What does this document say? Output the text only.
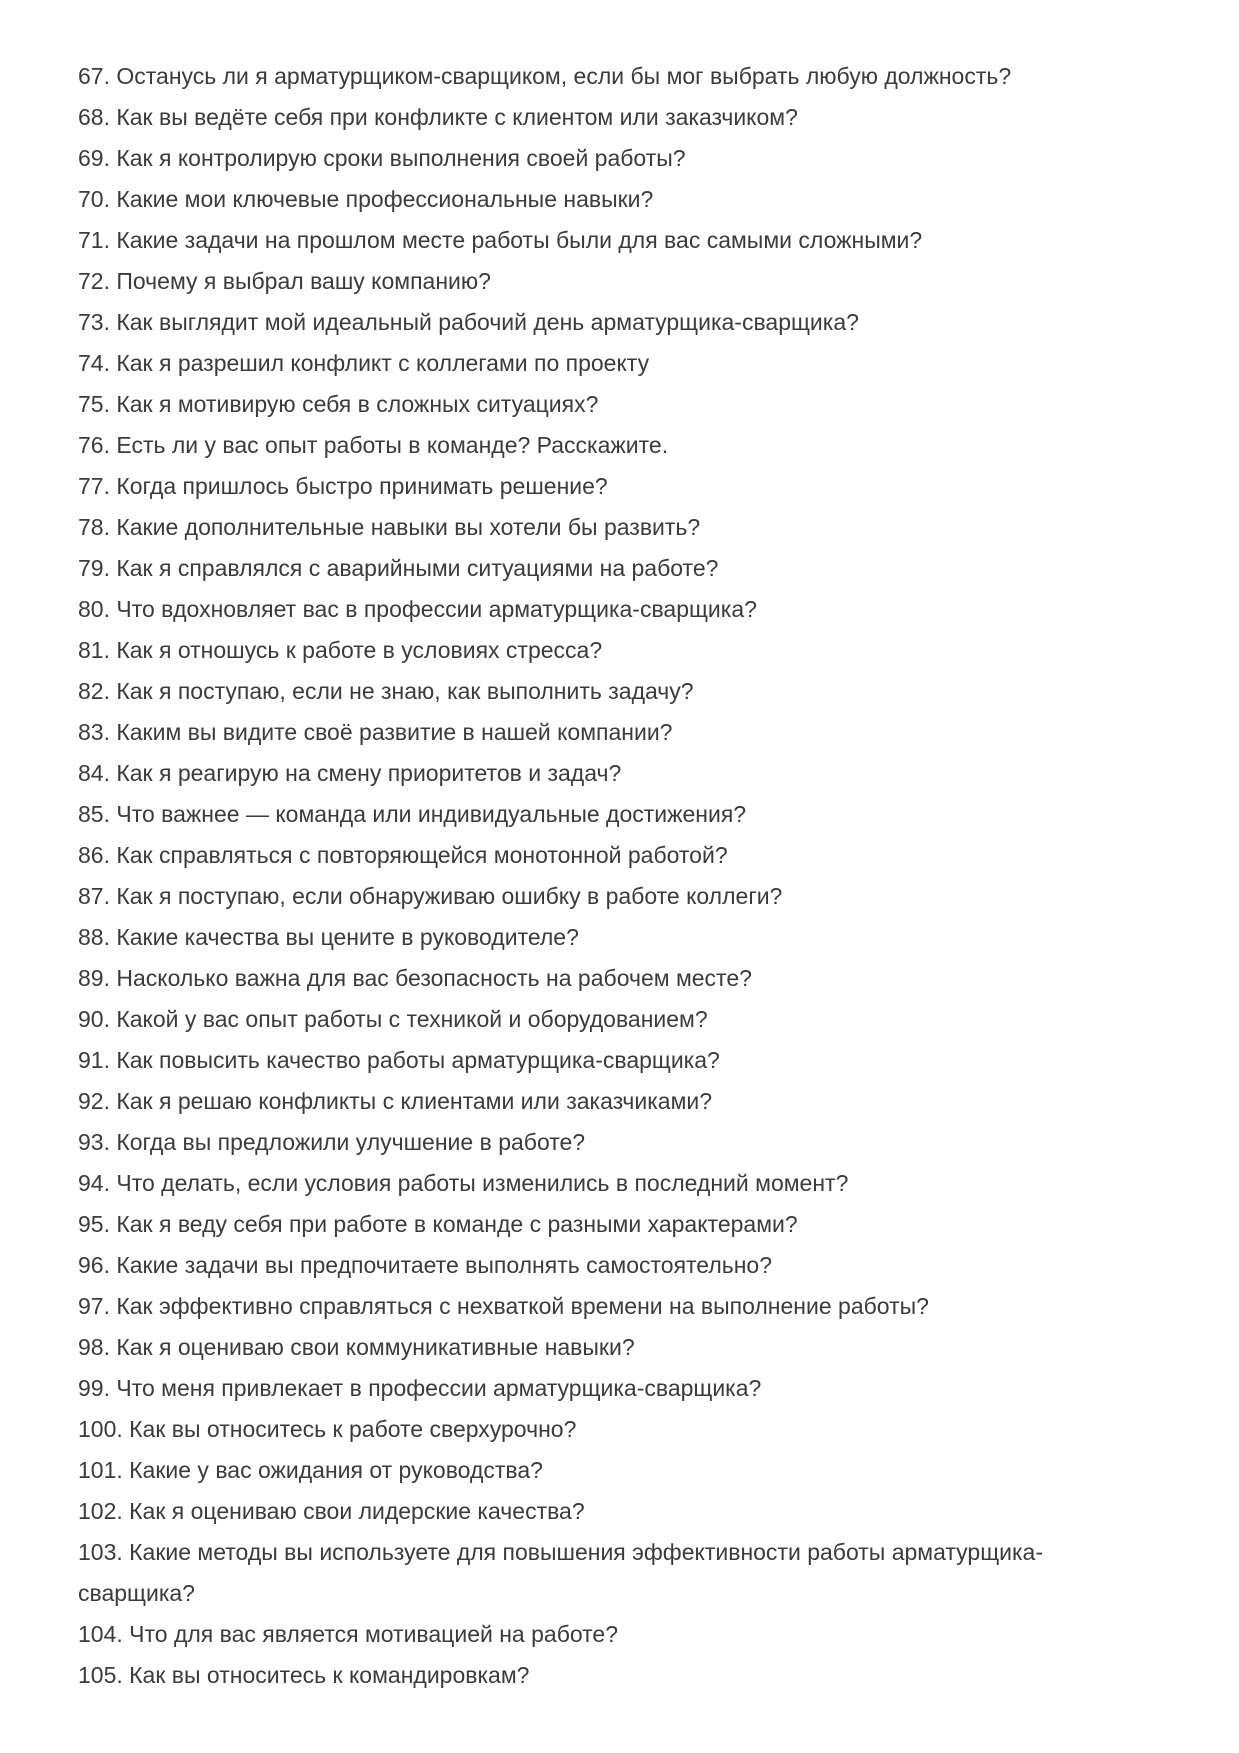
67. Останусь ли я арматурщиком-сварщиком, если бы мог выбрать любую должность?
68. Как вы ведёте себя при конфликте с клиентом или заказчиком?
69. Как я контролирую сроки выполнения своей работы?
70. Какие мои ключевые профессиональные навыки?
71. Какие задачи на прошлом месте работы были для вас самыми сложными?
72. Почему я выбрал вашу компанию?
73. Как выглядит мой идеальный рабочий день арматурщика-сварщика?
74. Как я разрешил конфликт с коллегами по проекту
75. Как я мотивирую себя в сложных ситуациях?
76. Есть ли у вас опыт работы в команде? Расскажите.
77. Когда пришлось быстро принимать решение?
78. Какие дополнительные навыки вы хотели бы развить?
79. Как я справлялся с аварийными ситуациями на работе?
80. Что вдохновляет вас в профессии арматурщика-сварщика?
81. Как я отношусь к работе в условиях стресса?
82. Как я поступаю, если не знаю, как выполнить задачу?
83. Каким вы видите своё развитие в нашей компании?
84. Как я реагирую на смену приоритетов и задач?
85. Что важнее — команда или индивидуальные достижения?
86. Как справляться с повторяющейся монотонной работой?
87. Как я поступаю, если обнаруживаю ошибку в работе коллеги?
88. Какие качества вы цените в руководителе?
89. Насколько важна для вас безопасность на рабочем месте?
90. Какой у вас опыт работы с техникой и оборудованием?
91. Как повысить качество работы арматурщика-сварщика?
92. Как я решаю конфликты с клиентами или заказчиками?
93. Когда вы предложили улучшение в работе?
94. Что делать, если условия работы изменились в последний момент?
95. Как я веду себя при работе в команде с разными характерами?
96. Какие задачи вы предпочитаете выполнять самостоятельно?
97. Как эффективно справляться с нехваткой времени на выполнение работы?
98. Как я оцениваю свои коммуникативные навыки?
99. Что меня привлекает в профессии арматурщика-сварщика?
100. Как вы относитесь к работе сверхурочно?
101. Какие у вас ожидания от руководства?
102. Как я оцениваю свои лидерские качества?
103. Какие методы вы используете для повышения эффективности работы арматурщика-сварщика?
104. Что для вас является мотивацией на работе?
105. Как вы относитесь к командировкам?
